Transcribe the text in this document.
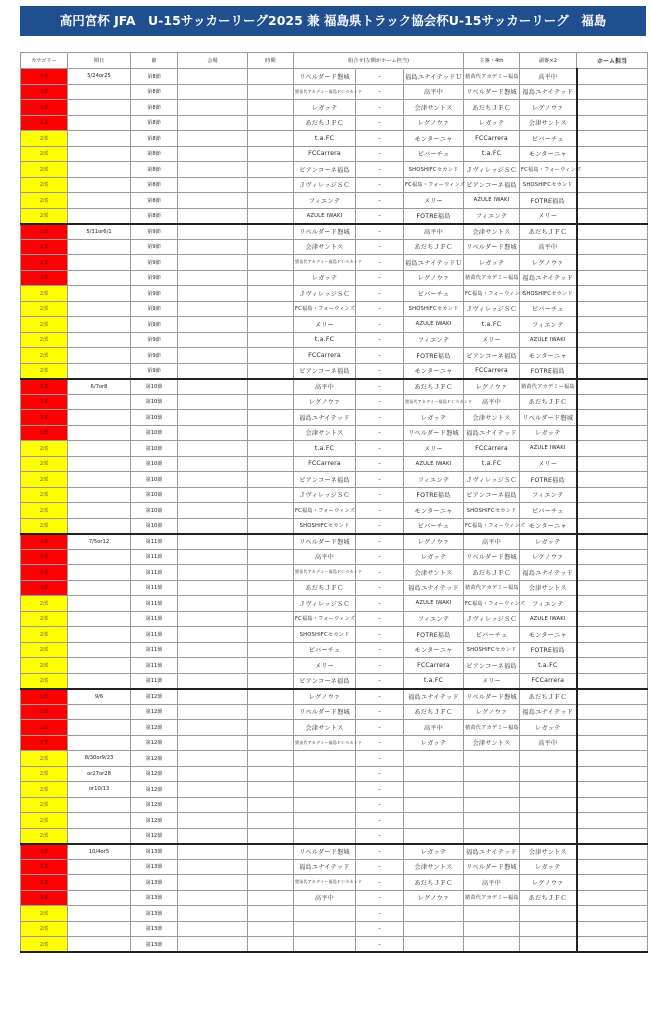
高円宮杯 JFA　U-15サッカーリーグ2025 兼 福島県トラック協会杯U-15サッカーリーグ　福島
カテゴリー	期日	節	会場	時間	組合せ(左側がホーム担当)			主審・4th	副審×2	ホーム担当
1部	5/24or25	第8節			リベルダード磐城	-	福島ユナイテッドＵ	猪苗代アカデミー福島	高平中	
1部		第8節			猪苗代アカデミー福島ＦＣセカンド	-	高平中	リベルダード磐城	福島ユナイテッド	
1部		第8節			レガッテ	-	会津サントス	あだちＪＦＣ	レグノウァ	
1部		第8節			あだちＪＦＣ	-	レグノウァ	レガッテ	会津サントス	
2部		第8節			t.a.FC	-	モンターニャ	FCCarrera	ビバーチェ	
2部		第8節			FCCarrera	-	ビバーチェ	t.a.FC	モンターニャ	
2部		第8節			ビアンコーネ福島	-	SHOSHIFCセカンド	ＪヴィレッジＳＣ	FC福島・フォーウィンズ	
2部		第8節			ＪヴィレッジＳＣ	-	FC福島・フォーウィンズ	ビアンコーネ福島	SHOSHIFCセカンド	
2部		第8節			フィエンテ	-	メリー	AZULE IWAKI	FOTRE福島	
2部		第8節			AZULE IWAKI	-	FOTRE福島	フィエンテ	メリー	
1部	5/31or6/1	第9節			リベルダード磐城	-	高平中	会津サントス	あだちＪＦＣ	
1部		第9節			会津サントス	-	あだちＪＦＣ	リベルダード磐城	高平中	
1部		第9節			猪苗代アカデミー福島ＦＣセカンド	-	福島ユナイテッドＵ	レガッテ	レグノウァ	
1部		第9節			レガッテ	-	レグノウァ	猪苗代アカデミー福島	福島ユナイテッド	
2部		第9節			ＪヴィレッジＳＣ	-	ビバーチェ	FC福島・フォーウィンズ	SHOSHIFCセカンド	
2部		第9節			FC福島・フォーウィンズ	-	SHOSHIFCセカンド	ＪヴィレッジＳＣ	ビバーチェ	
2部		第9節			メリー	-	AZULE IWAKI	t.a.FC	フィエンテ	
2部		第9節			t.a.FC	-	フィエンテ	メリー	AZULE IWAKI	
2部		第9節			FCCarrera	-	FOTRE福島	ビアンコーネ福島	モンターニャ	
2部		第9節			ビアンコーネ福島	-	モンターニャ	FCCarrera	FOTRE福島	
1部	6/7or8	第10節			高平中	-	あだちＪＦＣ	レグノウァ	猪苗代アカデミー福島	
1部		第10節			レグノウァ	-	猪苗代アカデミー福島ＦＣセカンド	高平中	あだちＪＦＣ	
1部		第10節			福島ユナイテッド	-	レガッテ	会津サントス	リベルダード磐城	
1部		第10節			会津サントス	-	リベルダード磐城	福島ユナイテッド	レガッテ	
2部		第10節			t.a.FC	-	メリー	FCCarrera	AZULE IWAKI	
2部		第10節			FCCarrera	-	AZULE IWAKI	t.a.FC	メリー	
2部		第10節			ビアンコーネ福島	-	フィエンテ	ＪヴィレッジＳＣ	FOTRE福島	
2部		第10節			ＪヴィレッジＳＣ	-	FOTRE福島	ビアンコーネ福島	フィエンテ	
2部		第10節			FC福島・フォーウィンズ	-	モンターニャ	SHOSHIFCセカンド	ビバーチェ	
2部		第10節			SHOSHIFCセカンド	-	ビバーチェ	FC福島・フォーウィンズ	モンターニャ	
1部	7/5or12	第11節			リベルダード磐城	-	レグノウァ	高平中	レガッテ	
1部		第11節			高平中	-	レガッテ	リベルダード磐城	レグノウァ	
1部		第11節			猪苗代アカデミー福島ＦＣセカンド	-	会津サントス	あだちＪＦＣ	福島ユナイテッド	
1部		第11節			あだちＪＦＣ	-	福島ユナイテッド	猪苗代アカデミー福島	会津サントス	
2部		第11節			ＪヴィレッジＳＣ	-	AZULE IWAKI	FC福島・フォーウィンズ	フィエンテ	
2部		第11節			FC福島・フォーウィンズ	-	フィエンテ	ＪヴィレッジＳＣ	AZULE IWAKI	
2部		第11節			SHOSHIFCセカンド	-	FOTRE福島	ビバーチェ	モンターニャ	
2部		第11節			ビバーチェ	-	モンターニャ	SHOSHIFCセカンド	FOTRE福島	
2部		第11節			メリー	-	FCCarrera	ビアンコーネ福島	t.a.FC	
2部		第11節			ビアンコーネ福島	-	t.a.FC	メリー	FCCarrera	
1部	9/6	第12節			レグノウァ	-	福島ユナイテッド	リベルダード磐城	あだちＪＦＣ	
1部		第12節			リベルダード磐城	-	あだちＪＦＣ	レグノウァ	福島ユナイテッド	
1部		第12節			会津サントス	-	高平中	猪苗代アカデミー福島	レガッテ	
1部		第12節			猪苗代アカデミー福島ＦＣセカンド	-	レガッテ	会津サントス	高平中	
2部	8/30or9/23	第12節				-				
2部	or27or28	第12節				-				
2部	or10/13	第12節				-				
2部		第12節				-				
2部		第12節				-				
2部		第12節				-				
1部	10/4or5	第13節			リベルダード磐城	-	レガッテ	福島ユナイテッド	会津サントス	
1部		第13節			福島ユナイテッド	-	会津サントス	リベルダード磐城	レガッテ	
1部		第13節			猪苗代アカデミー福島ＦＣセカンド	-	あだちＪＦＣ	高平中	レグノウァ	
1部		第13節			高平中	-	レグノウァ	猪苗代アカデミー福島	あだちＪＦＣ	
2部		第13節				-				
2部		第13節				-				
2部		第13節				-				
